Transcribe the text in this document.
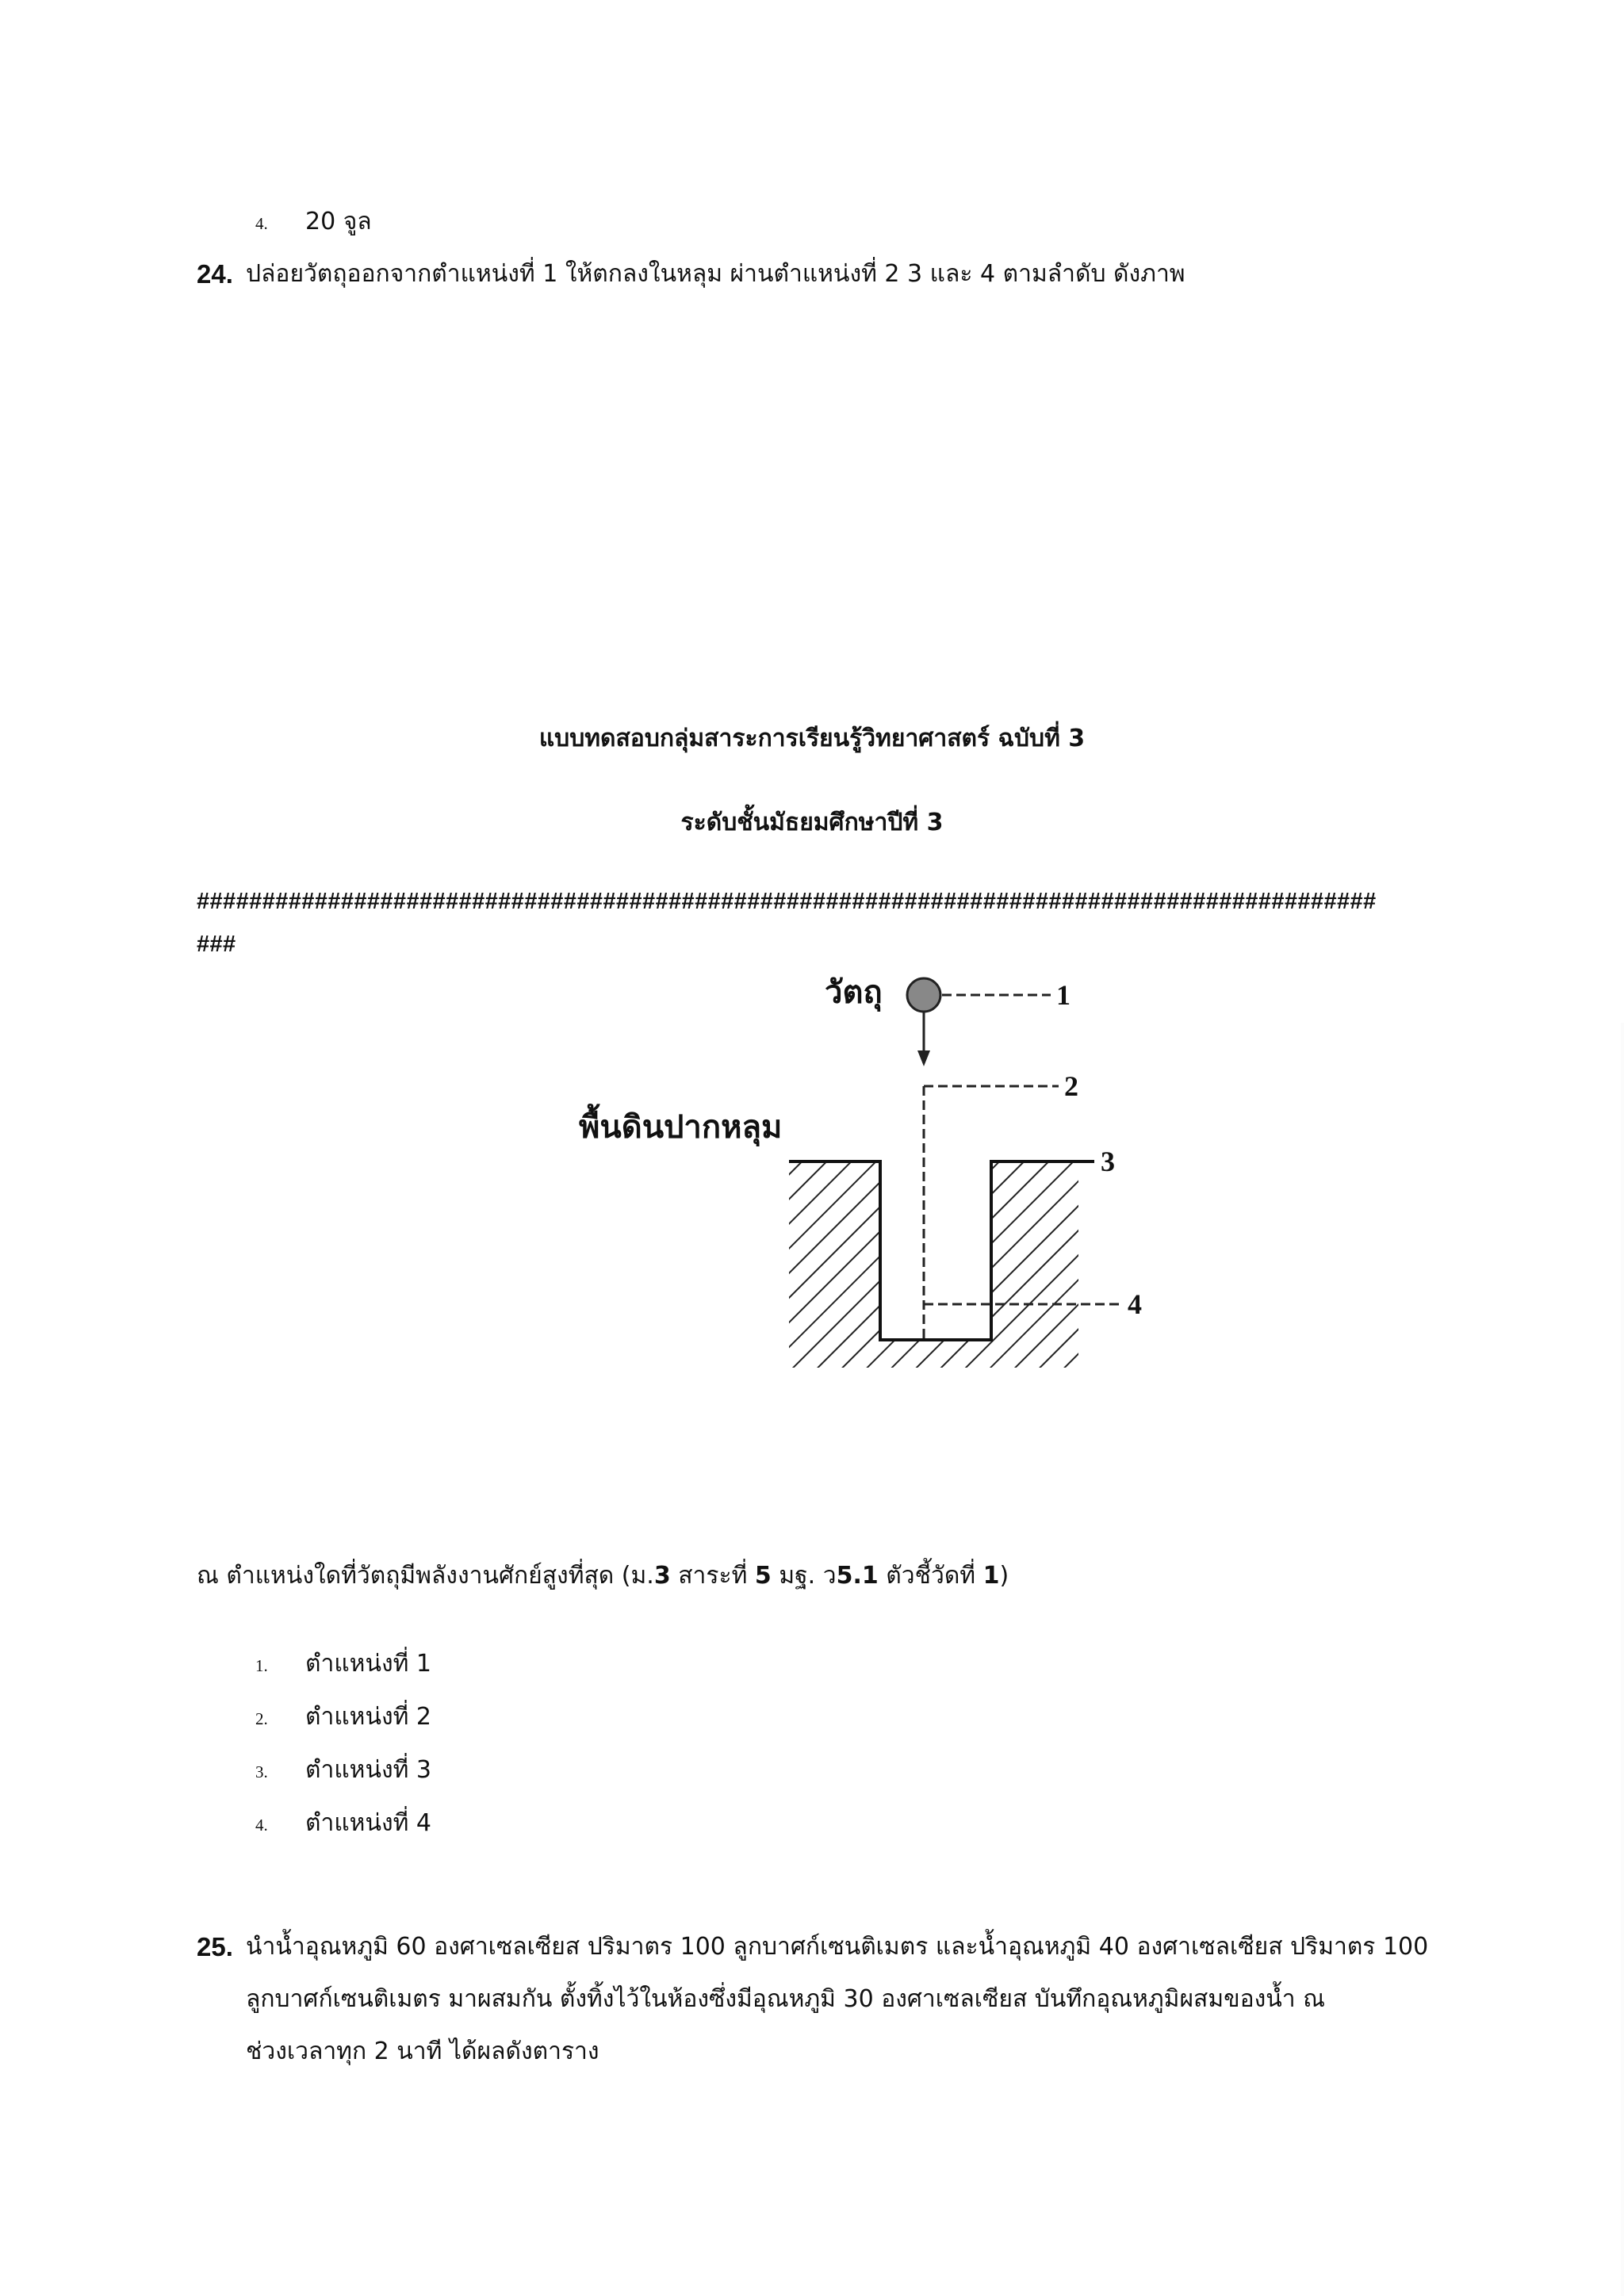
4. 20 จูล
24. ปล่อยวัตถุออกจากตำแหน่งที่ 1 ให้ตกลงในหลุม ผ่านตำแหน่งที่ 2 3 และ 4 ตามลำดับ ดังภาพ
แบบทดสอบกลุ่มสาระการเรียนรู้วิทยาศาสตร์ ฉบับที่ 3
ระดับชั้นมัธยมศึกษาปีที่ 3
##########################################################################################
###
วัตถุ
พื้นดินปากหลุม
1
2
3
4
ณ ตำแหน่งใดที่วัตถุมีพลังงานศักย์สูงที่สุด (ม.3 สาระที่ 5 มฐ. ว5.1 ตัวชี้วัดที่ 1)
1. ตำแหน่งที่ 1
2. ตำแหน่งที่ 2
3. ตำแหน่งที่ 3
4. ตำแหน่งที่ 4
25. นำน้ำอุณหภูมิ 60 องศาเซลเซียส ปริมาตร 100 ลูกบาศก์เซนติเมตร และน้ำอุณหภูมิ 40 องศาเซลเซียส ปริมาตร 100
ลูกบาศก์เซนติเมตร มาผสมกัน ตั้งทิ้งไว้ในห้องซึ่งมีอุณหภูมิ 30 องศาเซลเซียส บันทึกอุณหภูมิผสมของน้ำ ณ
ช่วงเวลาทุก 2 นาที ได้ผลดังตาราง
